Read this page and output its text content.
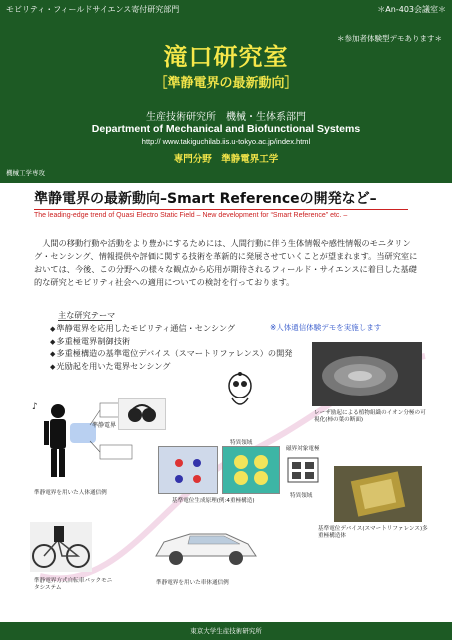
モビリティ・フィールドサイエンス寄付研究部門	＊An-403会議室＊
＊参加者体験型デモあります＊
滝口研究室
［準静電界の最新動向］
生産技術研究所　機械・生体系部門
Department of Mechanical and Biofunctional Systems
http:// www.takiguchilab.iis.u-tokyo.ac.jp/index.html
専門分野　準静電界工学
機械工学専攻
準静電界の最新動向–Smart Referenceの開発など–
The leading-edge trend of Quasi Electro Static Field – New development for “Smart Reference” etc. –
人間の移動行動や活動をより豊かにするためには、人間行動に伴う生体情報や感性情報のモニタリング・センシング、情報提供や評価に関する技術を革新的に発展させていくことが望まれます。当研究室においては、今後、この分野への様々な観点から応用が期待されるフィールド・サイエンスに着目した基礎的な研究とモビリティ社会への適用についての検討を行っております。
主な研究テーマ
◆ 準静電界を応用したモビリティ通信・センシング
◆ 多重極電界制御技術
◆ 多重極構造の基準電位デバイス（スマートリファレンス）の開発
◆ 光励起を用いた電界センシング
※人体通信体験デモを実施します
♪
準静電界
準静電界を用いた人体通信例
レーザ励起による植物組織のイオン分極の可視化(柿の葉の断面)
特異領域
基準電位生成原理(例:4重極構造)
磁界対象電極
特異領域
基準電位デバイス(スマートリファレンス)多重極構造体
準静電界方式自転車バックモニタシステム
準静電界を用いた車体通信例
東京大学生産技術研究所
